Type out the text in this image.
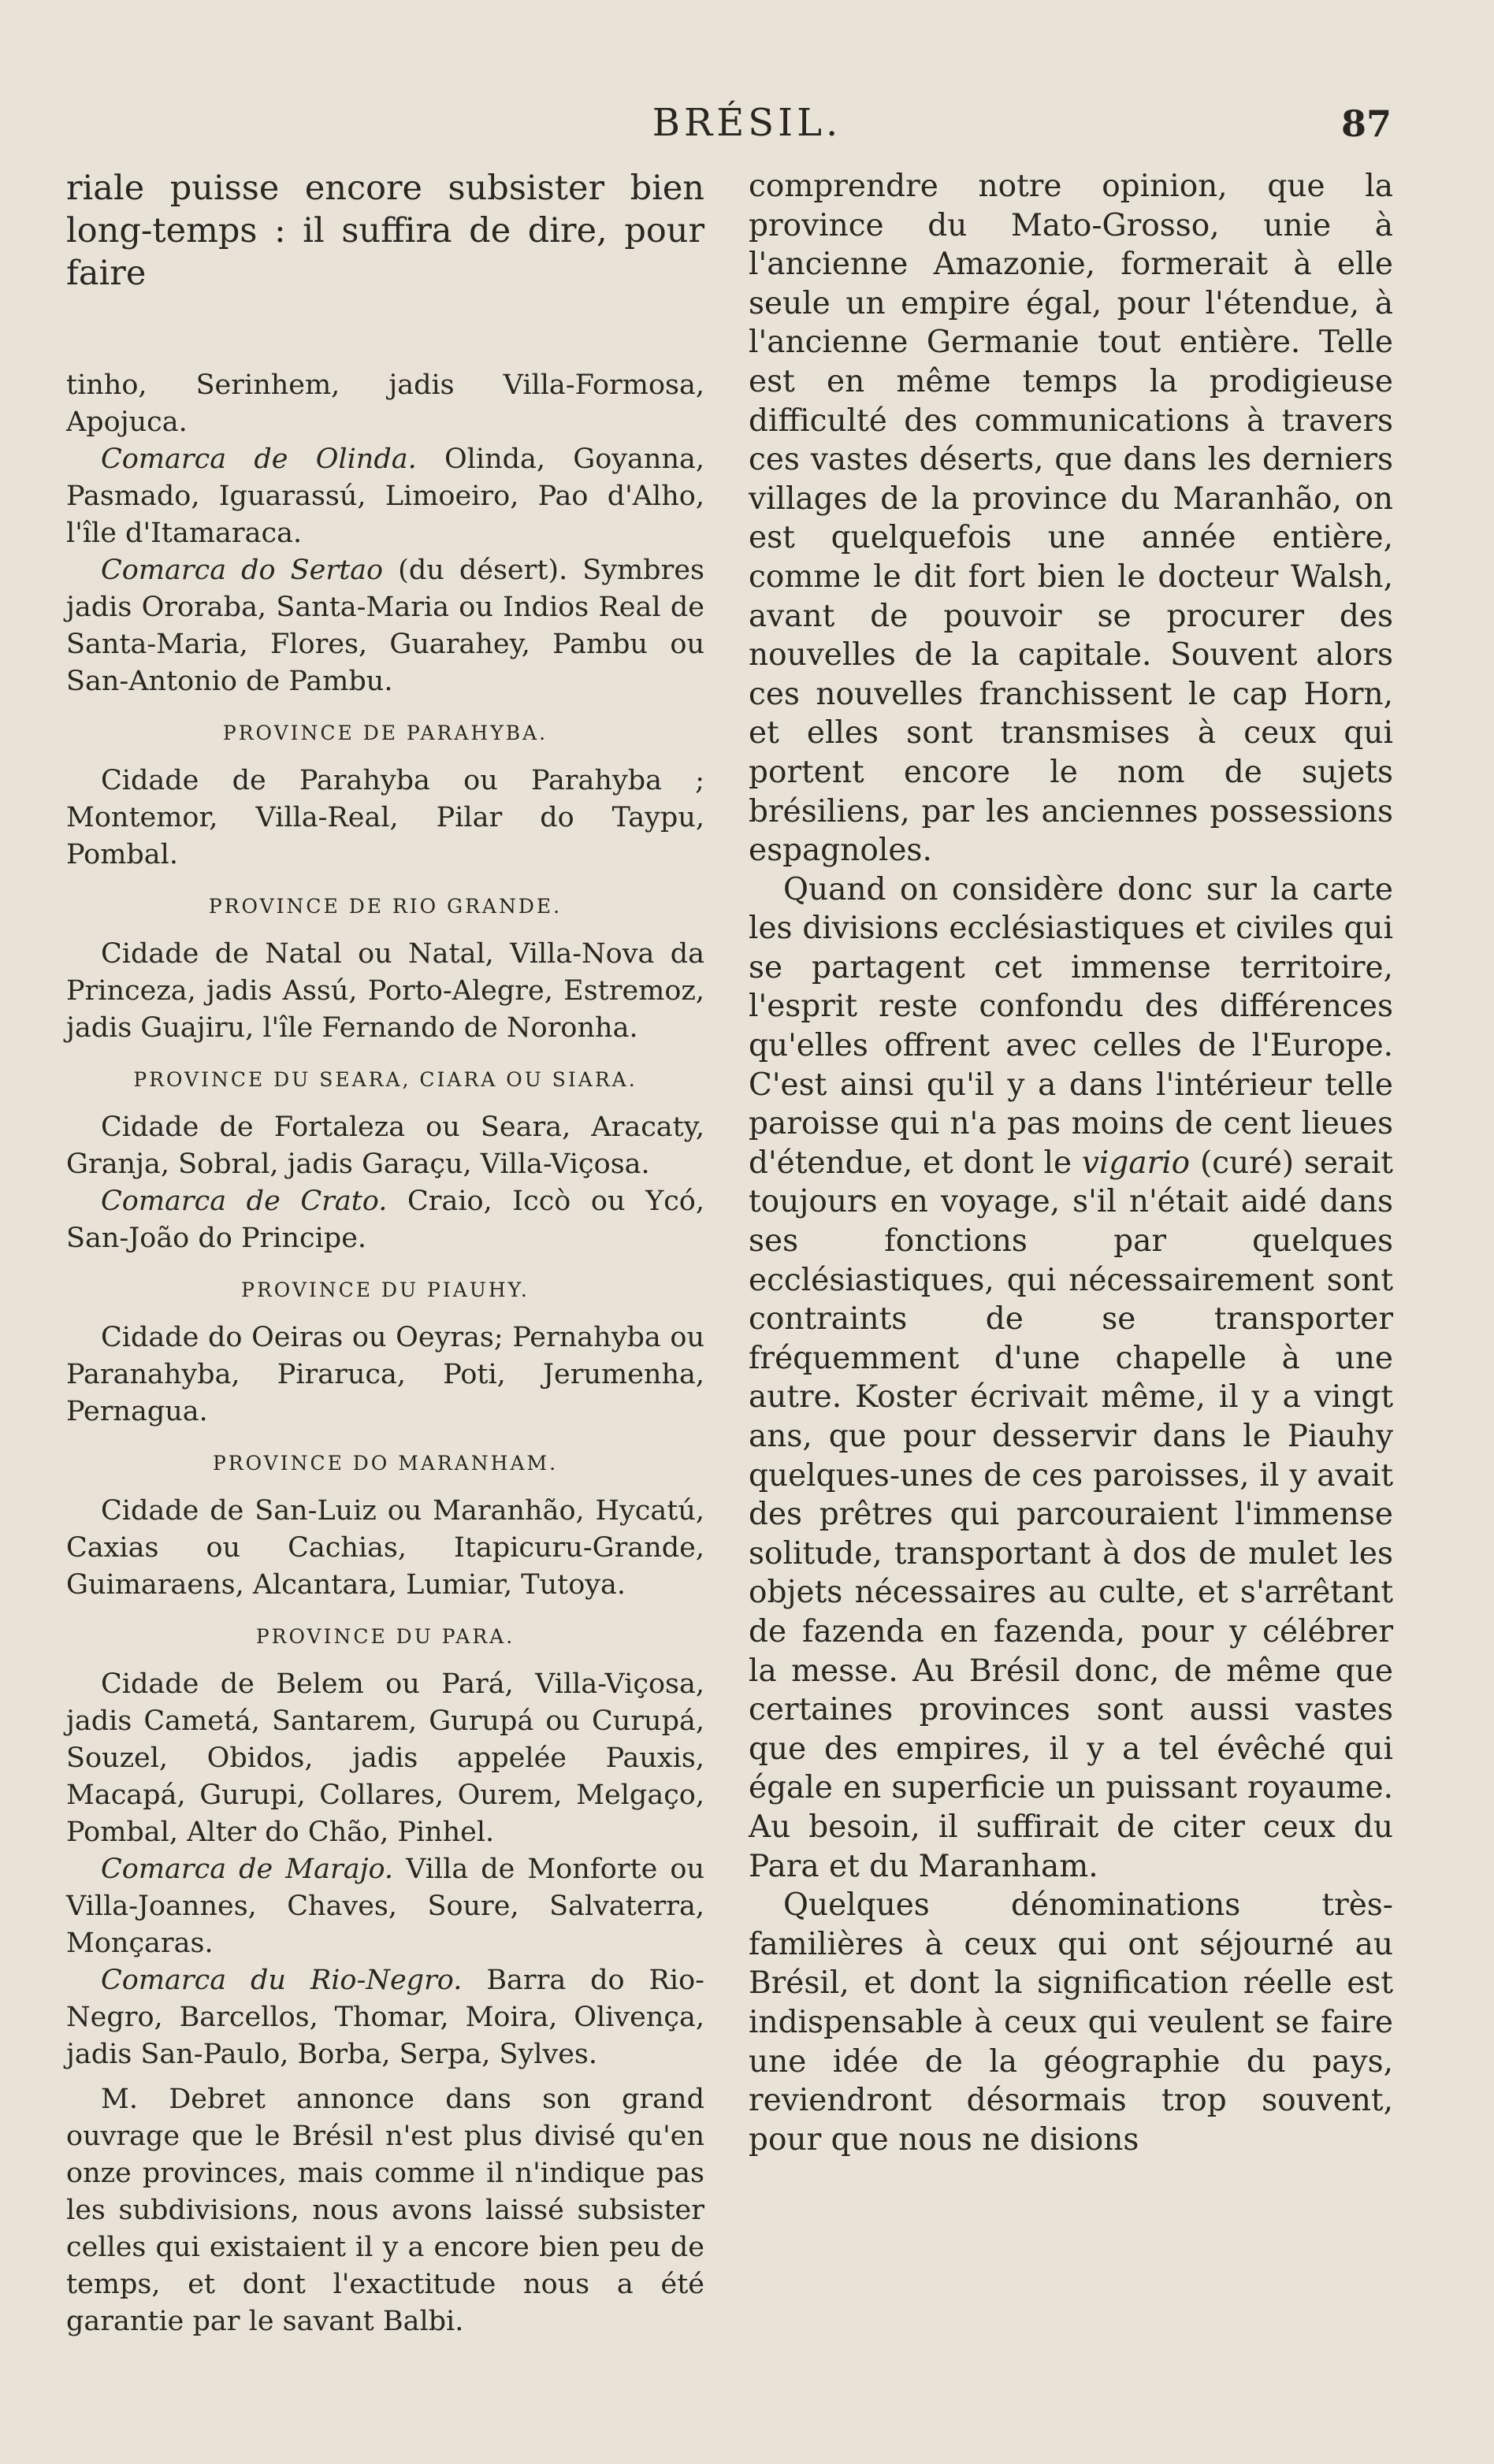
BRÉSIL.	87

riale puisse encore subsister bien long-temps : il suffira de dire, pour faire

tinho, Serinhem, jadis Villa-Formosa, Apojuca.

Comarca de Olinda. Olinda, Goyanna, Pasmado, Iguarassú, Limoeiro, Pao d'Alho, l'île d'Itamaraca.

Comarca do Sertao (du désert). Symbres jadis Ororaba, Santa-Maria ou Indios Real de Santa-Maria, Flores, Guarahey, Pambu ou San-Antonio de Pambu.

PROVINCE DE PARAHYBA.

Cidade de Parahyba ou Parahyba ; Montemor, Villa-Real, Pilar do Taypu, Pombal.

PROVINCE DE RIO GRANDE.

Cidade de Natal ou Natal, Villa-Nova da Princeza, jadis Assú, Porto-Alegre, Estremoz, jadis Guajiru, l'île Fernando de Noronha.

PROVINCE DU SEARA, CIARA OU SIARA.

Cidade de Fortaleza ou Seara, Aracaty, Granja, Sobral, jadis Garaçu, Villa-Viçosa.

Comarca de Crato. Craio, Iccò ou Ycó, San-João do Principe.

PROVINCE DU PIAUHY.

Cidade do Oeiras ou Oeyras; Pernahyba ou Paranahyba, Piraruca, Poti, Jerumenha, Pernagua.

PROVINCE DO MARANHAM.

Cidade de San-Luiz ou Maranhão, Hycatú, Caxias ou Cachias, Itapicuru-Grande, Guimaraens, Alcantara, Lumiar, Tutoya.

PROVINCE DU PARA.

Cidade de Belem ou Pará, Villa-Viçosa, jadis Cametá, Santarem, Gurupá ou Curupá, Souzel, Obidos, jadis appelée Pauxis, Macapá, Gurupi, Collares, Ourem, Melgaço, Pombal, Alter do Chão, Pinhel.

Comarca de Marajo. Villa de Monforte ou Villa-Joannes, Chaves, Soure, Salvaterra, Monçaras.

Comarca du Rio-Negro. Barra do Rio-Negro, Barcellos, Thomar, Moira, Olivença, jadis San-Paulo, Borba, Serpa, Sylves.

M. Debret annonce dans son grand ouvrage que le Brésil n'est plus divisé qu'en onze provinces, mais comme il n'indique pas les subdivisions, nous avons laissé subsister celles qui existaient il y a encore bien peu de temps, et dont l'exactitude nous a été garantie par le savant Balbi.

comprendre notre opinion, que la province du Mato-Grosso, unie à l'ancienne Amazonie, formerait à elle seule un empire égal, pour l'étendue, à l'ancienne Germanie tout entière. Telle est en même temps la prodigieuse difficulté des communications à travers ces vastes déserts, que dans les derniers villages de la province du Maranhão, on est quelquefois une année entière, comme le dit fort bien le docteur Walsh, avant de pouvoir se procurer des nouvelles de la capitale. Souvent alors ces nouvelles franchissent le cap Horn, et elles sont transmises à ceux qui portent encore le nom de sujets brésiliens, par les anciennes possessions espagnoles.

Quand on considère donc sur la carte les divisions ecclésiastiques et civiles qui se partagent cet immense territoire, l'esprit reste confondu des différences qu'elles offrent avec celles de l'Europe. C'est ainsi qu'il y a dans l'intérieur telle paroisse qui n'a pas moins de cent lieues d'étendue, et dont le vigario (curé) serait toujours en voyage, s'il n'était aidé dans ses fonctions par quelques ecclésiastiques, qui nécessairement sont contraints de se transporter fréquemment d'une chapelle à une autre. Koster écrivait même, il y a vingt ans, que pour desservir dans le Piauhy quelques-unes de ces paroisses, il y avait des prêtres qui parcouraient l'immense solitude, transportant à dos de mulet les objets nécessaires au culte, et s'arrêtant de fazenda en fazenda, pour y célébrer la messe. Au Brésil donc, de même que certaines provinces sont aussi vastes que des empires, il y a tel évêché qui égale en superficie un puissant royaume. Au besoin, il suffirait de citer ceux du Para et du Maranham.

Quelques dénominations très-familières à ceux qui ont séjourné au Brésil, et dont la signification réelle est indispensable à ceux qui veulent se faire une idée de la géographie du pays, reviendront désormais trop souvent, pour que nous ne disions
